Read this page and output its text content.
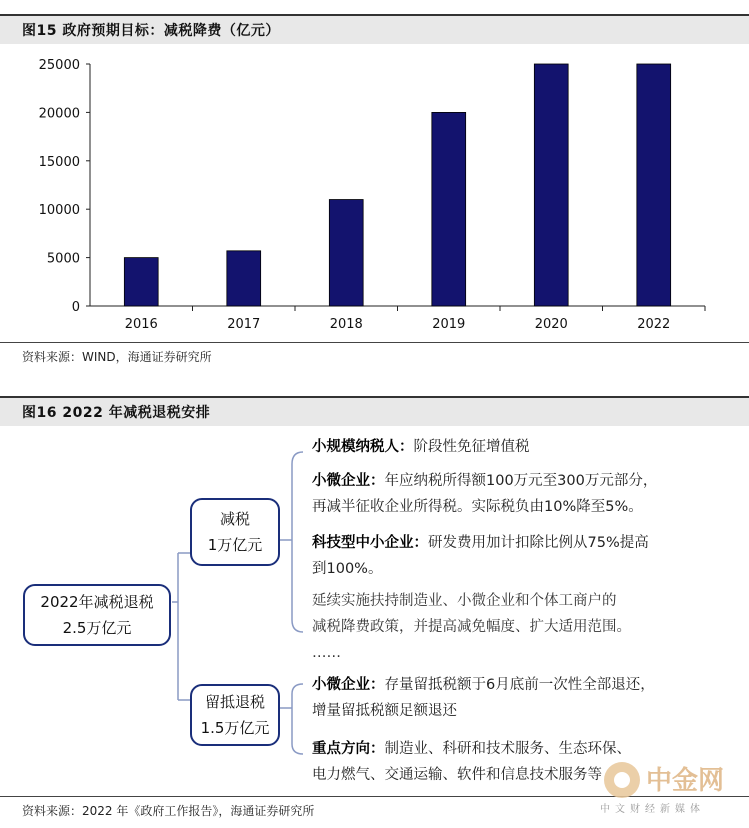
图15 政府预期目标：减税降费（亿元）
0
5000
10000
15000
20000
25000
2016	2017	2018	2019	2020	2022
资料来源：WIND，海通证券研究所
图16 2022 年减税退税安排
2022年减税退税
2.5万亿元
减税
1万亿元
留抵退税
1.5万亿元
小规模纳税人：阶段性免征增值税
小微企业：年应纳税所得额100万元至300万元部分，
再减半征收企业所得税。实际税负由10%降至5%。
科技型中小企业：研发费用加计扣除比例从75%提高
到100%。
延续实施扶持制造业、小微企业和个体工商户的
减税降费政策，并提高减免幅度、扩大适用范围。
……
小微企业：存量留抵税额于6月底前一次性全部退还，
增量留抵税额足额退还
重点方向：制造业、科研和技术服务、生态环保、
电力燃气、交通运输、软件和信息技术服务等
资料来源：2022 年《政府工作报告》，海通证券研究所
中金网
中文财经新媒体
